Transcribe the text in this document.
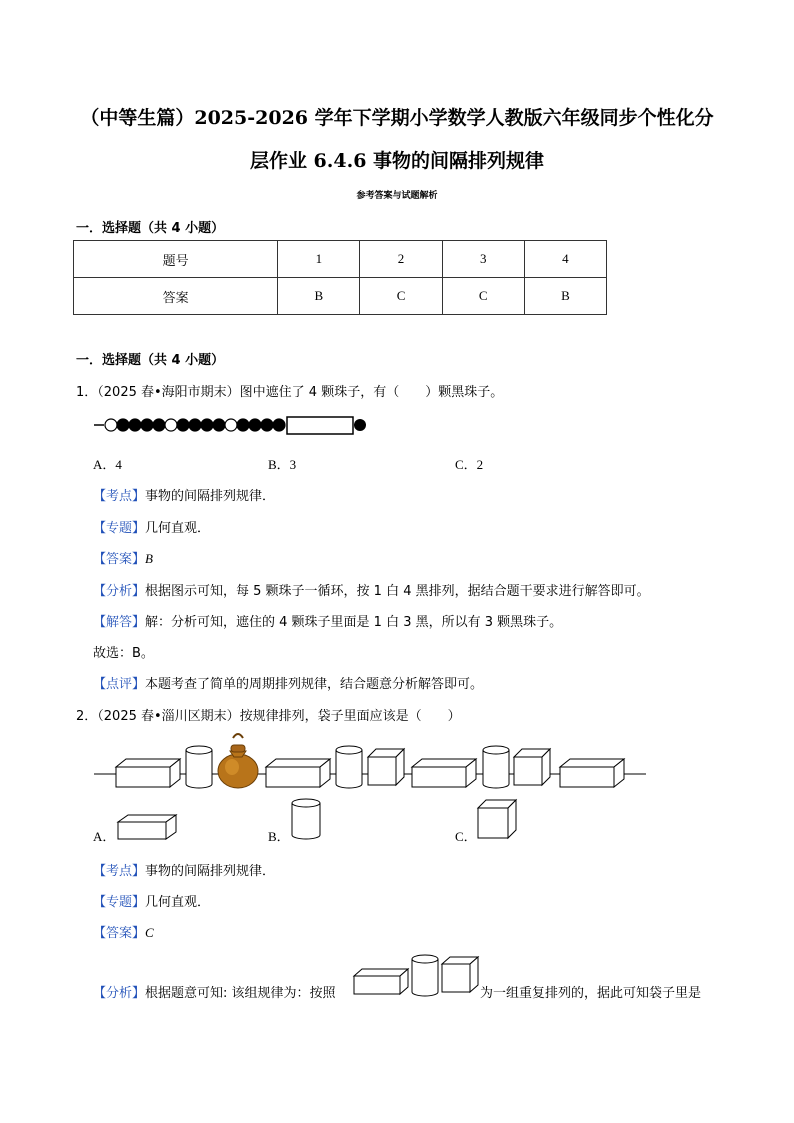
（中等生篇）2025-2026 学年下学期小学数学人教版六年级同步个性化分
层作业 6.4.6 事物的间隔排列规律
参考答案与试题解析
一．选择题（共 4 小题）
题号	1	2	3	4
答案	B	C	C	B
一．选择题（共 4 小题）
1．（2025 春•海阳市期末）图中遮住了 4 颗珠子，有（　　）颗黑珠子。
A．4	B．3	C．2
【考点】事物的间隔排列规律．
【专题】几何直观．
【答案】B
【分析】根据图示可知，每 5 颗珠子一循环，按 1 白 4 黑排列，据结合题干要求进行解答即可。
【解答】解：分析可知，遮住的 4 颗珠子里面是 1 白 3 黑，所以有 3 颗黑珠子。
故选：B。
【点评】本题考查了简单的周期排列规律，结合题意分析解答即可。
2．（2025 春•淄川区期末）按规律排列，袋子里面应该是（　　）
A．	B．	C．
【考点】事物的间隔排列规律．
【专题】几何直观．
【答案】C
【分析】根据题意可知: 该组规律为：按照	为一组重复排列的，据此可知袋子里是
